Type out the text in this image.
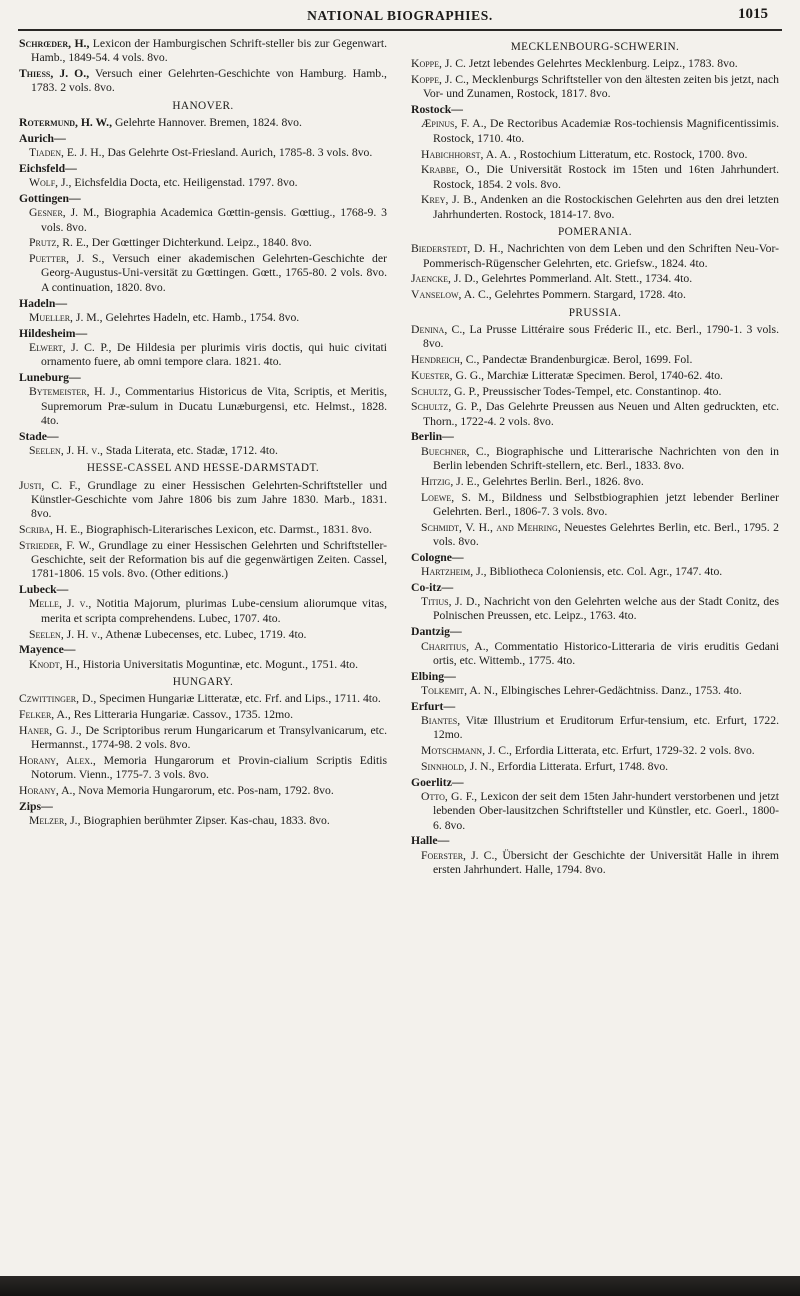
NATIONAL BIOGRAPHIES.	1015
Schrœder, H., Lexicon der Hamburgischen Schrift-steller bis zur Gegenwart. Hamb., 1849-54. 4 vols. 8vo.
Thiess, J. O., Versuch einer Gelehrten-Geschichte von Hamburg. Hamb., 1783. 2 vols. 8vo.
HANOVER.
Rotermund, H. W., Gelehrte Hannover. Bremen, 1824. 8vo.
Aurich—
Tiaden, E. J. H., Das Gelehrte Ost-Friesland. Aurich, 1785-8. 3 vols. 8vo.
Eichsfeld—
Wolf, J., Eichsfeldia Docta, etc. Heiligenstad. 1797. 8vo.
Gottingen—
Gesner, J. M., Biographia Academica Gœttin-gensis. Gœttiug., 1768-9. 3 vols. 8vo.
Prutz, R. E., Der Gœttinger Dichterkund. Leipz., 1840. 8vo.
Puetter, J. S., Versuch einer akademischen Gelehrten-Geschichte der Georg-Augustus-Uni-versität zu Gœttingen. Gœtt., 1765-80. 2 vols. 8vo. A continuation, 1820. 8vo.
Hadeln—
Mueller, J. M., Gelehrtes Hadeln, etc. Hamb., 1754. 8vo.
Hildesheim—
Elwert, J. C. P., De Hildesia per plurimis viris doctis, qui huic civitati ornamento fuere, ab omni tempore clara. 1821. 4to.
Luneburg—
Bytemeister, H. J., Commentarius Historicus de Vita, Scriptis, et Meritis, Supremorum Præ-sulum in Ducatu Lunæburgensi, etc. Helmst., 1828. 4to.
Stade—
Seelen, J. H. v., Stada Literata, etc. Stadæ, 1712. 4to.
HESSE-CASSEL AND HESSE-DARMSTADT.
Justi, C. F., Grundlage zu einer Hessischen Gelehrten-Schriftsteller und Künstler-Geschichte vom Jahre 1806 bis zum Jahre 1830. Marb., 1831. 8vo.
Scriba, H. E., Biographisch-Literarisches Lexicon, etc. Darmst., 1831. 8vo.
Strieder, F. W., Grundlage zu einer Hessischen Gelehrten und Schriftsteller-Geschichte, seit der Reformation bis auf die gegenwärtigen Zeiten. Cassel, 1781-1806. 15 vols. 8vo. (Other editions.)
Lubeck—
Melle, J. v., Notitia Majorum, plurimas Lube-censium aliorumque vitas, merita et scripta comprehendens. Lubec, 1707. 4to.
Seelen, J. H. v., Athenæ Lubecenses, etc. Lubec, 1719. 4to.
Mayence—
Knodt, H., Historia Universitatis Moguntinæ, etc. Mogunt., 1751. 4to.
HUNGARY.
Czwittinger, D., Specimen Hungariæ Litteratæ, etc. Frf. and Lips., 1711. 4to.
Felker, A., Res Litteraria Hungariæ. Cassov., 1735. 12mo.
Haner, G. J., De Scriptoribus rerum Hungaricarum et Transylvanicarum, etc. Hermannst., 1774-98. 2 vols. 8vo.
Horany, Alex., Memoria Hungarorum et Provin-cialium Scriptis Editis Notorum. Vienn., 1775-7. 3 vols. 8vo.
Horany, A., Nova Memoria Hungarorum, etc. Pos-nam, 1792. 8vo.
Zips—
Melzer, J., Biographien berühmter Zipser. Kas-chau, 1833. 8vo.
MECKLENBOURG-SCHWERIN.
Koppe, J. C. Jetzt lebendes Gelehrtes Mecklenburg. Leipz., 1783. 8vo.
Koppe, J. C., Mecklenburgs Schriftsteller von den ältesten zeiten bis jetzt, nach Vor- und Zunamen, Rostock, 1817. 8vo.
Rostock—
Æpinus, F. A., De Rectoribus Academiæ Ros-tochiensis Magnificentissimis. Rostock, 1710. 4to.
Habichhorst, A. A. , Rostochium Litteratum, etc. Rostock, 1700. 8vo.
Krabbe, O., Die Universität Rostock im 15ten und 16ten Jahrhundert. Rostock, 1854. 2 vols. 8vo.
Krey, J. B., Andenken an die Rostockischen Gelehrten aus den drei letzten Jahrhunderten. Rostock, 1814-17. 8vo.
POMERANIA.
Biederstedt, D. H., Nachrichten von dem Leben und den Schriften Neu-Vor-Pommerisch-Rügenscher Gelehrten, etc. Griefsw., 1824. 4to.
Jaencke, J. D., Gelehrtes Pommerland. Alt. Stett., 1734. 4to.
Vanselow, A. C., Gelehrtes Pommern. Stargard, 1728. 4to.
PRUSSIA.
Denina, C., La Prusse Littéraire sous Fréderic II., etc. Berl., 1790-1. 3 vols. 8vo.
Hendreich, C., Pandectæ Brandenburgicæ. Berol, 1699. Fol.
Kuester, G. G., Marchiæ Litteratæ Specimen. Berol, 1740-62. 4to.
Schultz, G. P., Preussischer Todes-Tempel, etc. Constantinop. 4to.
Schultz, G. P., Das Gelehrte Preussen aus Neuen und Alten gedruckten, etc. Thorn., 1722-4. 2 vols. 8vo.
Berlin—
Buechner, C., Biographische und Litterarische Nachrichten von den in Berlin lebenden Schrift-stellern, etc. Berl., 1833. 8vo.
Hitzig, J. E., Gelehrtes Berlin. Berl., 1826. 8vo.
Loewe, S. M., Bildness und Selbstbiographien jetzt lebender Berliner Gelehrten. Berl., 1806-7. 3 vols. 8vo.
Schmidt, V. H., and Mehring, Neuestes Gelehrtes Berlin, etc. Berl., 1795. 2 vols. 8vo.
Cologne—
Hartzheim, J., Bibliotheca Coloniensis, etc. Col. Agr., 1747. 4to.
Co-itz—
Titius, J. D., Nachricht von den Gelehrten welche aus der Stadt Conitz, des Polnischen Preussen, etc. Leipz., 1763. 4to.
Dantzig—
Charitius, A., Commentatio Historico-Litteraria de viris eruditis Gedani ortis, etc. Wittemb., 1775. 4to.
Elbing—
Tolkemit, A. N., Elbingisches Lehrer-Gedächtniss. Danz., 1753. 4to.
Erfurt—
Biantes, Vitæ Illustrium et Eruditorum Erfur-tensium, etc. Erfurt, 1722. 12mo.
Motschmann, J. C., Erfordia Litterata, etc. Erfurt, 1729-32. 2 vols. 8vo.
Sinnhold, J. N., Erfordia Litterata. Erfurt, 1748. 8vo.
Goerlitz—
Otto, G. F., Lexicon der seit dem 15ten Jahr-hundert verstorbenen und jetzt lebenden Ober-lausitzchen Schriftsteller und Künstler, etc. Goerl., 1800-6. 8vo.
Halle—
Foerster, J. C., Übersicht der Geschichte der Universität Halle in ihrem ersten Jahrhundert. Halle, 1794. 8vo.
